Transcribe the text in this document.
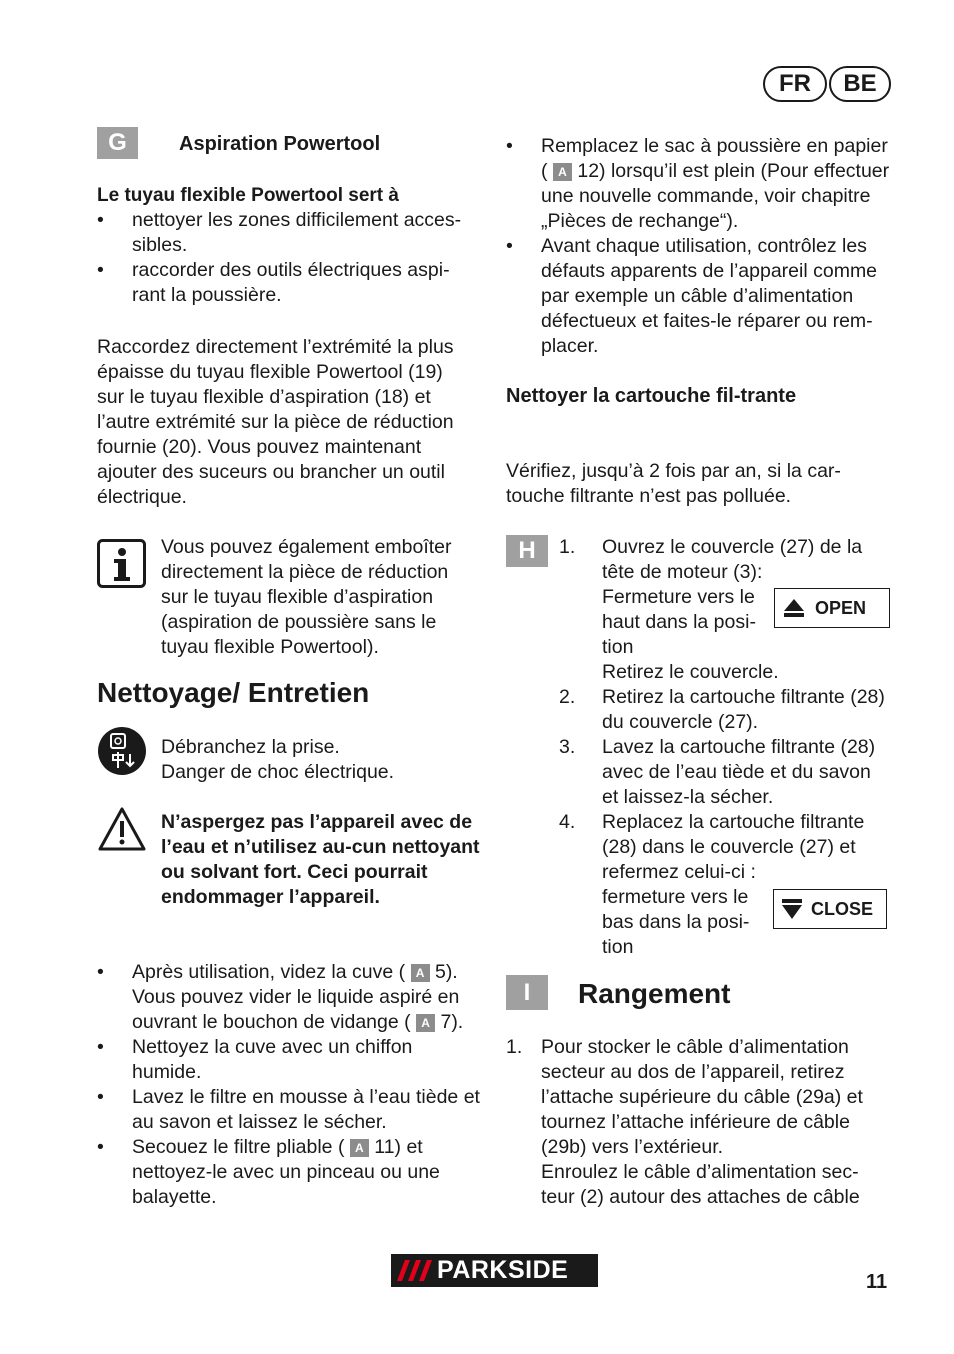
FR	BE
G	Aspiration Powertool
Le tuyau flexible Powertool sert à
• nettoyer les zones difficilement acces-sibles.
• raccorder des outils électriques aspi-rant la poussière.
Raccordez directement l’extrémité la plus épaisse du tuyau flexible Powertool (19) sur le tuyau flexible d’aspiration (18) et l’autre extrémité sur la pièce de réduction fournie (20). Vous pouvez maintenant ajouter des suceurs ou brancher un outil électrique.
Vous pouvez également emboîter directement la pièce de réduction sur le tuyau flexible d’aspiration (aspiration de poussière sans le tuyau flexible Powertool).
Nettoyage/ Entretien
Débranchez la prise.
Danger de choc électrique.
N’aspergez pas l’appareil avec de l’eau et n’utilisez au-cun nettoyant ou solvant fort. Ceci pourrait endommager l’appareil.
• Après utilisation, videz la cuve ( A 5). Vous pouvez vider le liquide aspiré en ouvrant le bouchon de vidange ( A 7).
• Nettoyez la cuve avec un chiffon humide.
• Lavez le filtre en mousse à l’eau tiède et au savon et laissez le sécher.
• Secouez le filtre pliable ( A 11) et nettoyez-le avec un pinceau ou une balayette.
• Remplacez le sac à poussière en papier ( A 12) lorsqu’il est plein (Pour effectuer une nouvelle commande, voir chapitre „Pièces de rechange“).
• Avant chaque utilisation, contrôlez les défauts apparents de l’appareil comme par exemple un câble d’alimentation défectueux et faites-le réparer ou rem-placer.
Nettoyer la cartouche fil-trante
Vérifiez, jusqu’à 2 fois par an, si la car-touche filtrante n’est pas polluée.
H	1. Ouvrez le couvercle (27) de la tête de moteur (3):
Fermeture vers le haut dans la posi-tion
OPEN
Retirez le couvercle.
2. Retirez la cartouche filtrante (28) du couvercle (27).
3. Lavez la cartouche filtrante (28) avec de l’eau tiède et du savon et laissez-la sécher.
4. Replacez la cartouche filtrante (28) dans le couvercle (27) et refermez celui-ci :
fermeture vers le bas dans la posi-tion
CLOSE
I	Rangement
1. Pour stocker le câble d’alimentation secteur au dos de l’appareil, retirez l’attache supérieure du câble (29a) et tournez l’attache inférieure de câble (29b) vers l’extérieur.
Enroulez le câble d’alimentation sec-teur (2) autour des attaches de câble
PARKSIDE	11
